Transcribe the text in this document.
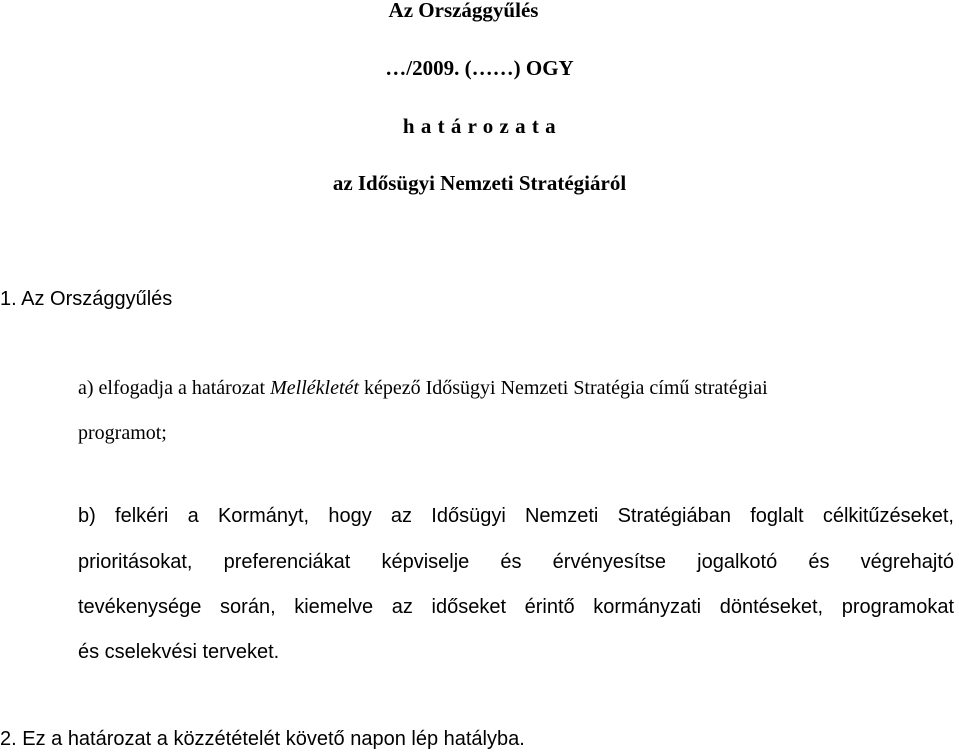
Az Országgyűlés
…/2009. (……) OGY
h a t á r o z a t a
az Idősügyi Nemzeti Stratégiáról
1. Az Országgyűlés
a) elfogadja a határozat Mellékletét képező Idősügyi Nemzeti Stratégia című stratégiai
programot;
b) felkéri a Kormányt, hogy az Idősügyi Nemzeti Stratégiában foglalt célkitűzéseket,
prioritásokat, preferenciákat képviselje és érvényesítse jogalkotó és végrehajtó
tevékenysége során, kiemelve az időseket érintő kormányzati döntéseket, programokat
és cselekvési terveket.
2. Ez a határozat a közzétételét követő napon lép hatályba.
